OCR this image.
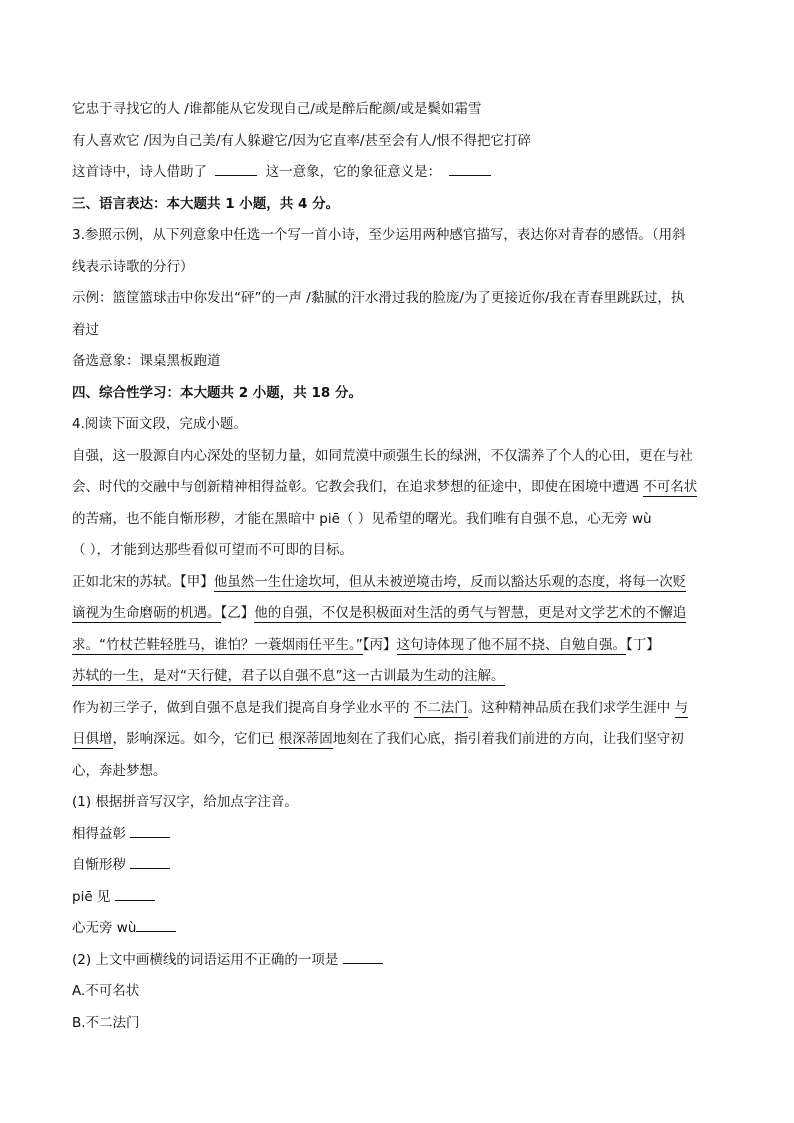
它忠于寻找它的人 /谁都能从它发现自己/或是醉后酡颜/或是鬓如霜雪

有人喜欢它 /因为自己美/有人躲避它/因为它直率/甚至会有人/恨不得把它打碎

这首诗中，诗人借助了	这一意象，它的象征意义是：

三、语言表达：本大题共 1 小题，共 4 分。

3.参照示例，从下列意象中任选一个写一首小诗，至少运用两种感官描写，表达你对青春的感悟。（用斜

线表示诗歌的分行）

示例：篮筐篮球击中你发出“砰”的一声 /黏腻的汗水滑过我的脸庞/为了更接近你/我在青春里跳跃过，执

着过

备选意象：课桌黑板跑道

四、综合性学习：本大题共 2 小题，共 18 分。

4.阅读下面文段，完成小题。

自强，这一股源自内心深处的坚韧力量，如同荒漠中顽强生长的绿洲，不仅濡养了个人的心田，更在与社

会、时代的交融中与创新精神相得益彰。它教会我们，在追求梦想的征途中，即使在困境中遭遇 不可名状

的苦痛，也不能自惭形秽，才能在黑暗中 piē（ ）见希望的曙光。我们唯有自强不息，心无旁 wù

（ ），才能到达那些看似可望而不可即的目标。

正如北宋的苏轼。【甲】他虽然一生仕途坎坷，但从未被逆境击垮，反而以豁达乐观的态度，将每一次贬

谪视为生命磨砺的机遇。【乙】他的自强，不仅是积极面对生活的勇气与智慧，更是对文学艺术的不懈追

求。“竹杖芒鞋轻胜马，谁怕？一蓑烟雨任平生。”【丙】这句诗体现了他不屈不挠、自勉自强。【丁】

苏轼的一生，是对“天行健，君子以自强不息”这一古训最为生动的注解。

作为初三学子，做到自强不息是我们提高自身学业水平的 不二法门。这种精神品质在我们求学生涯中 与

日俱增，影响深远。如今，它们已 根深蒂固地刻在了我们心底，指引着我们前进的方向，让我们坚守初

心，奔赴梦想。

(1) 根据拼音写汉字，给加点字注音。

相得益彰

自惭形秽

piē 见

心无旁 wù

(2) 上文中画横线的词语运用不正确的一项是

A.不可名状

B.不二法门
